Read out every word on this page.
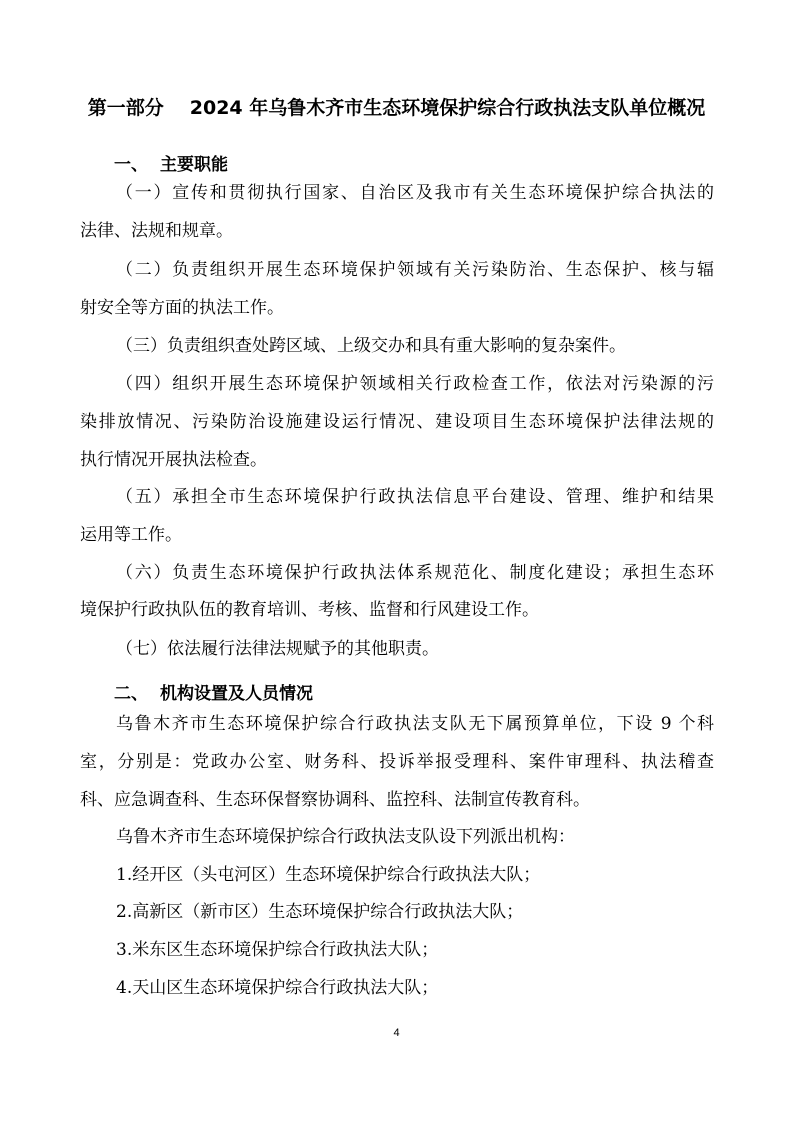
第一部分 2024 年乌鲁木齐市生态环境保护综合行政执法支队单位概况
一、 主要职能
（一）宣传和贯彻执行国家、自治区及我市有关生态环境保护综合执法的
法律、法规和规章。
（二）负责组织开展生态环境保护领域有关污染防治、生态保护、核与辐
射安全等方面的执法工作。
（三）负责组织查处跨区域、上级交办和具有重大影响的复杂案件。
（四）组织开展生态环境保护领域相关行政检查工作，依法对污染源的污
染排放情况、污染防治设施建设运行情况、建设项目生态环境保护法律法规的
执行情况开展执法检查。
（五）承担全市生态环境保护行政执法信息平台建设、管理、维护和结果
运用等工作。
（六）负责生态环境保护行政执法体系规范化、制度化建设；承担生态环
境保护行政执队伍的教育培训、考核、监督和行风建设工作。
（七）依法履行法律法规赋予的其他职责。
二、 机构设置及人员情况
乌鲁木齐市生态环境保护综合行政执法支队无下属预算单位，下设 9 个科
室，分别是：党政办公室、财务科、投诉举报受理科、案件审理科、执法稽查
科、应急调查科、生态环保督察协调科、监控科、法制宣传教育科。
乌鲁木齐市生态环境保护综合行政执法支队设下列派出机构：
1.经开区（头屯河区）生态环境保护综合行政执法大队；
2.高新区（新市区）生态环境保护综合行政执法大队；
3.米东区生态环境保护综合行政执法大队；
4.天山区生态环境保护综合行政执法大队；
4
